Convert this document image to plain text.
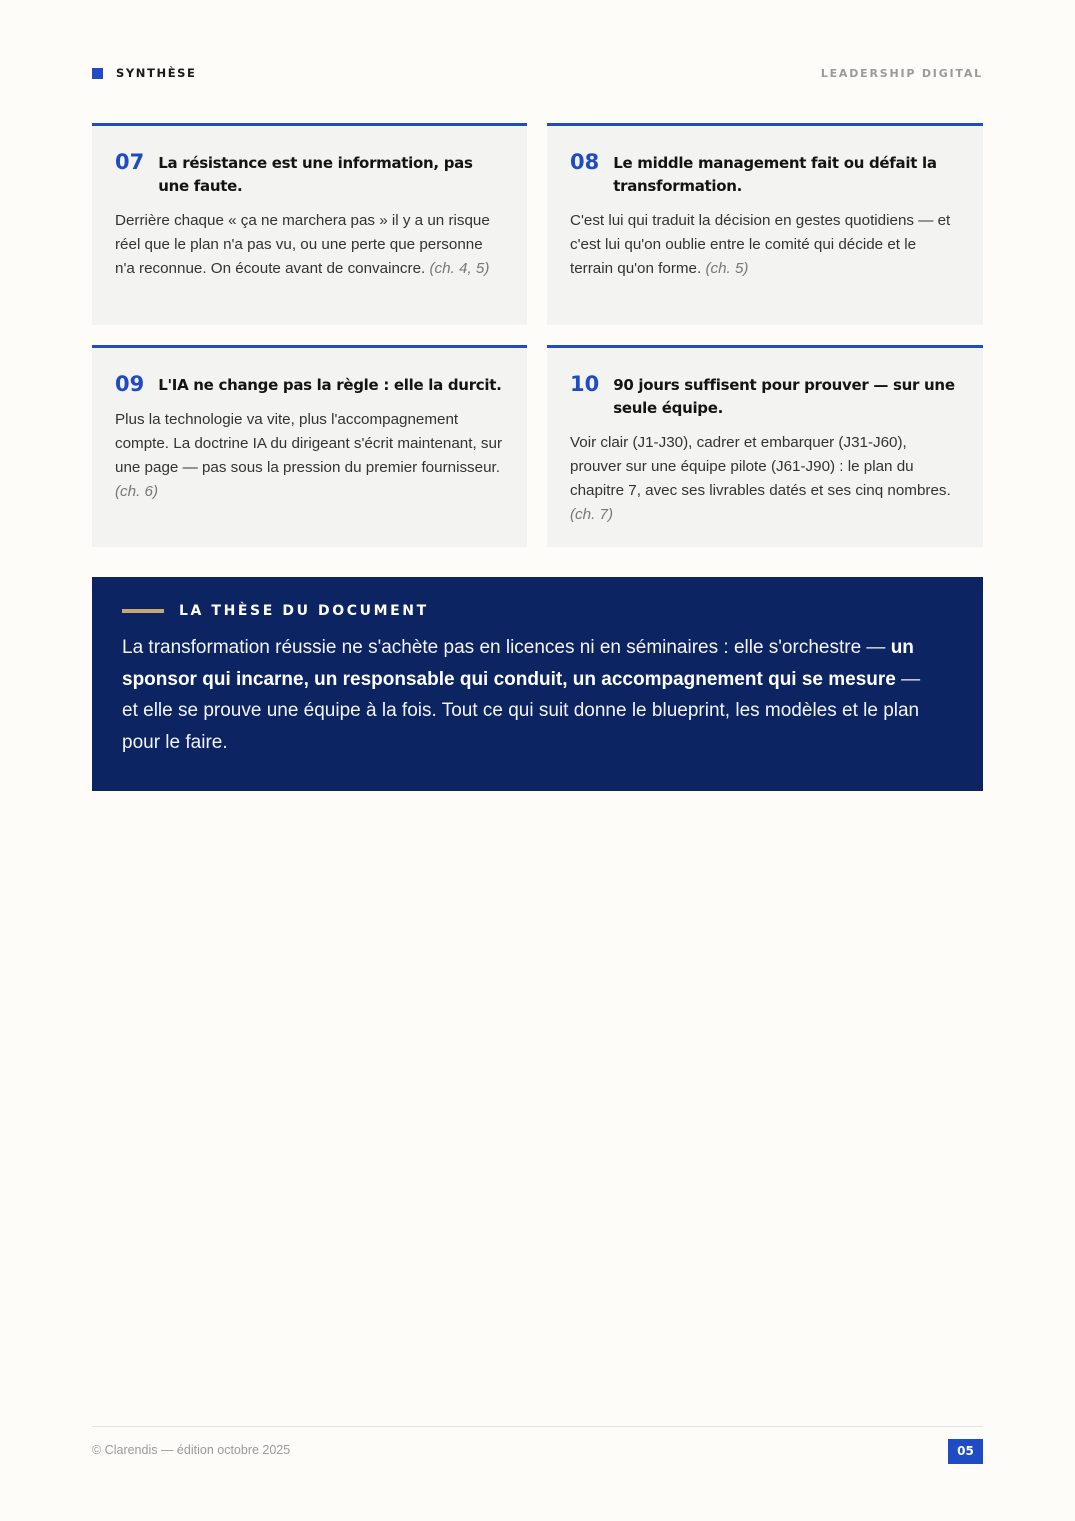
SYNTHÈSE	LEADERSHIP DIGITAL
07 La résistance est une information, pas une faute.
Derrière chaque « ça ne marchera pas » il y a un risque réel que le plan n'a pas vu, ou une perte que personne n'a reconnue. On écoute avant de convaincre. (ch. 4, 5)
08 Le middle management fait ou défait la transformation.
C'est lui qui traduit la décision en gestes quotidiens — et c'est lui qu'on oublie entre le comité qui décide et le terrain qu'on forme. (ch. 5)
09 L'IA ne change pas la règle : elle la durcit.
Plus la technologie va vite, plus l'accompagnement compte. La doctrine IA du dirigeant s'écrit maintenant, sur une page — pas sous la pression du premier fournisseur. (ch. 6)
10 90 jours suffisent pour prouver — sur une seule équipe.
Voir clair (J1-J30), cadrer et embarquer (J31-J60), prouver sur une équipe pilote (J61-J90) : le plan du chapitre 7, avec ses livrables datés et ses cinq nombres. (ch. 7)
LA THÈSE DU DOCUMENT
La transformation réussie ne s'achète pas en licences ni en séminaires : elle s'orchestre — un sponsor qui incarne, un responsable qui conduit, un accompagnement qui se mesure — et elle se prouve une équipe à la fois. Tout ce qui suit donne le blueprint, les modèles et le plan pour le faire.
© Clarendis — édition octobre 2025	05
